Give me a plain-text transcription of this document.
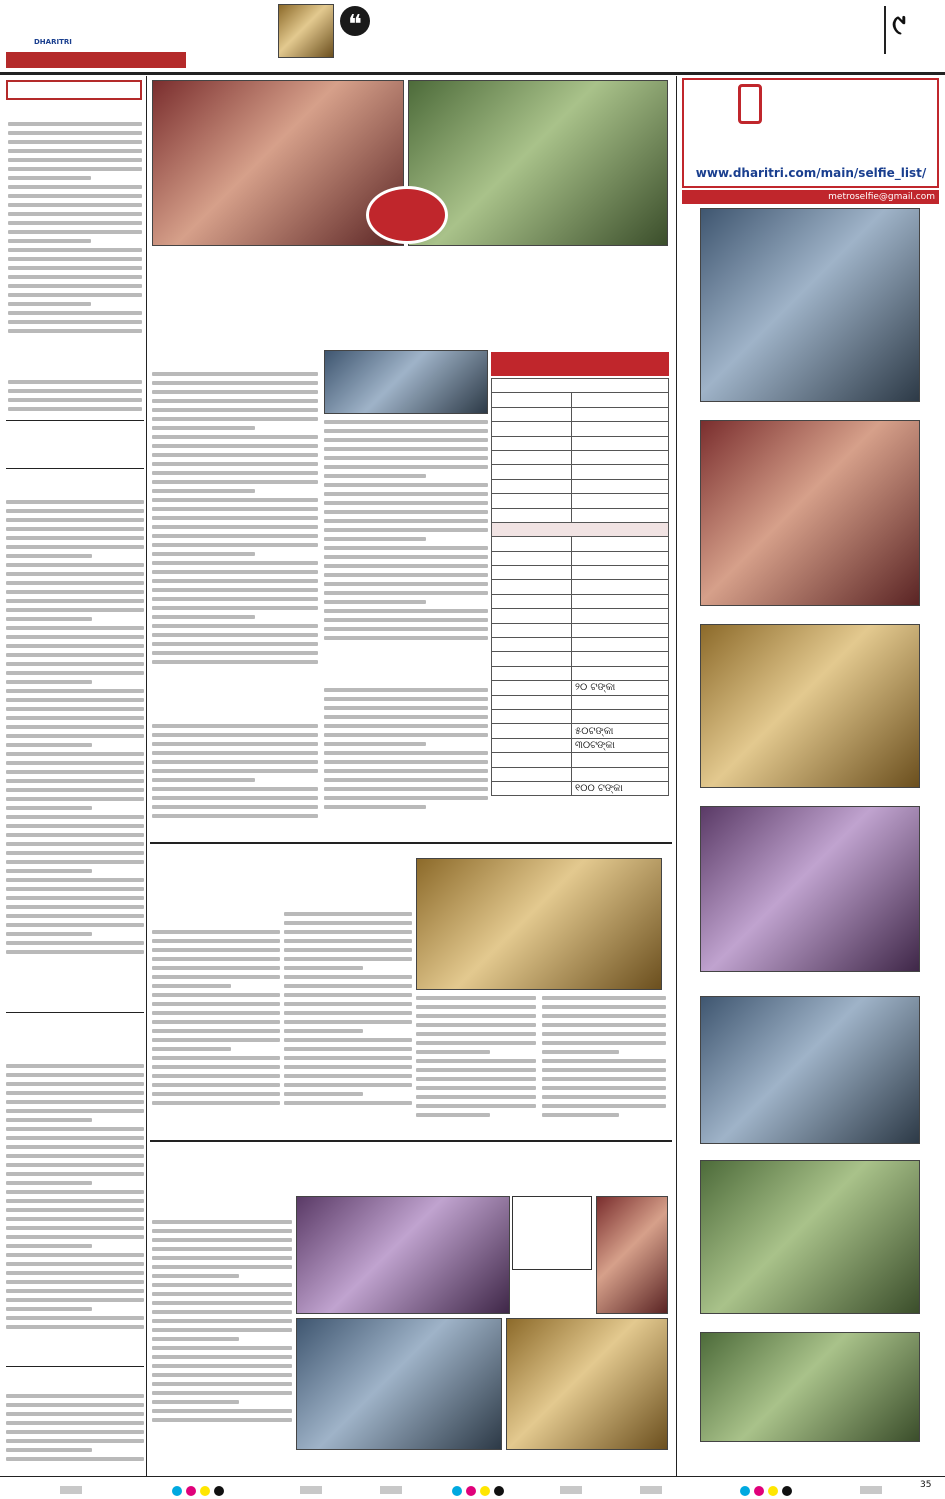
DHARITRI
❝	୯

	୨୦ ଟଙ୍କା

	୫୦ଟଙ୍କା
	୩୦ଟଙ୍କା

	୧୦୦ ଟଙ୍କା
www.dharitri.com/main/selfie_list/
metroselfie@gmail.com
35
